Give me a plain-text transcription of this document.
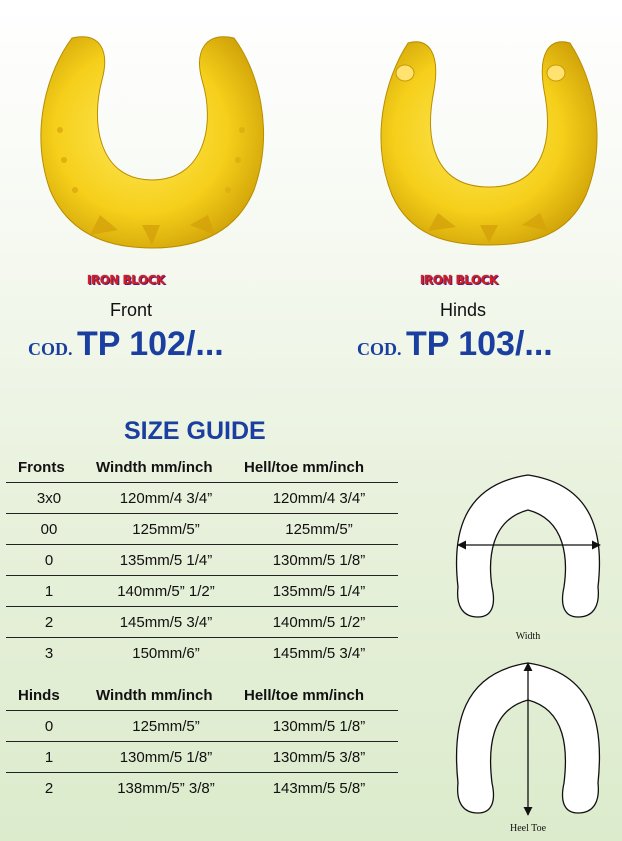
IRON BLOCK
Front
COD. TP 102/...
IRON BLOCK
Hinds
COD. TP 103/...
SIZE GUIDE
Fronts	Windth mm/inch	Hell/toe mm/inch
3x0	120mm/4 3/4”	120mm/4 3/4”
00	125mm/5”	125mm/5”
0	135mm/5 1/4”	130mm/5 1/8”
1	140mm/5” 1/2”	135mm/5 1/4”
2	145mm/5 3/4”	140mm/5 1/2”
3	150mm/6”	145mm/5 3/4”
Hinds	Windth mm/inch	Hell/toe mm/inch
0	125mm/5”	130mm/5 1/8”
1	130mm/5 1/8”	130mm/5 3/8”
2	138mm/5” 3/8”	143mm/5 5/8”
Width
Heel Toe
